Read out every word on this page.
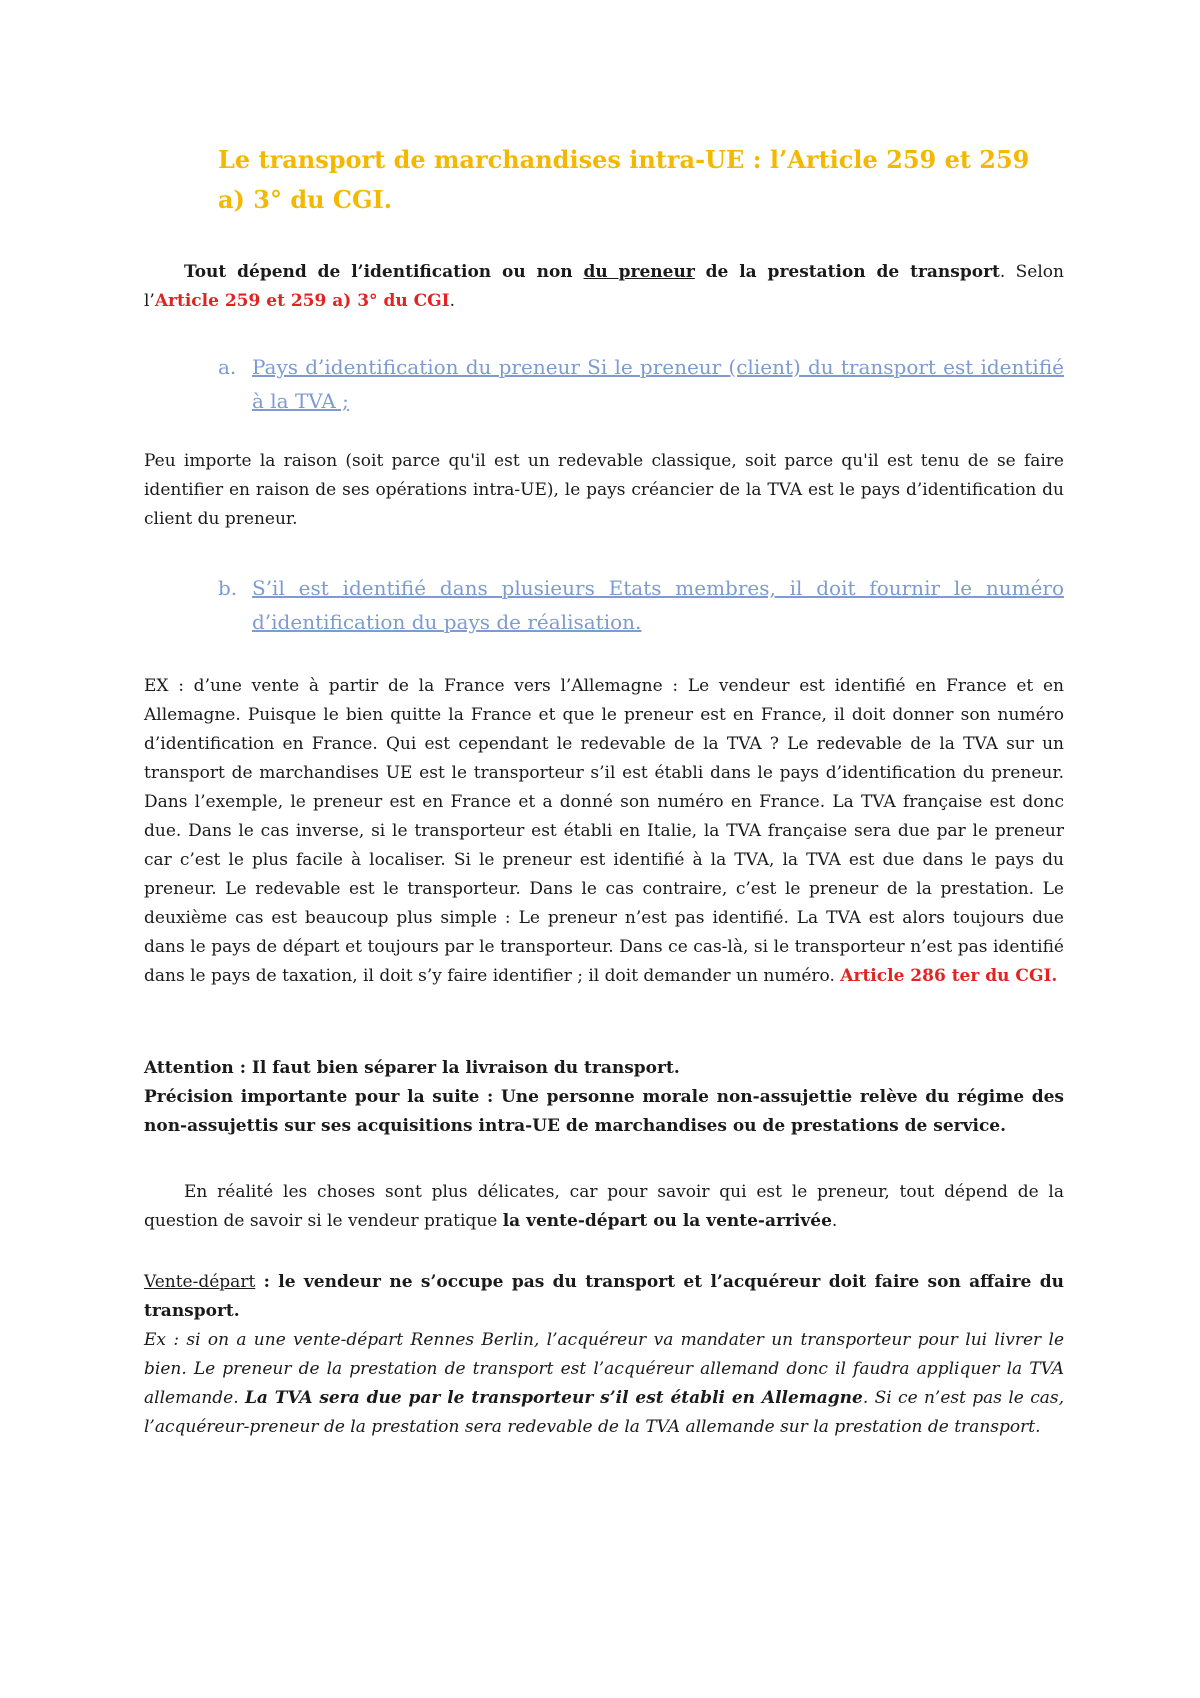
Le transport de marchandises intra-UE : l’Article 259 et 259 a) 3° du CGI.

Tout dépend de l’identification ou non du preneur de la prestation de transport. Selon l’Article 259 et 259 a) 3° du CGI.

a. Pays d’identification du preneur Si le preneur (client) du transport est identifié à la TVA ;

Peu importe la raison (soit parce qu'il est un redevable classique, soit parce qu'il est tenu de se faire identifier en raison de ses opérations intra-UE), le pays créancier de la TVA est le pays d’identification du client du preneur.

b. S’il est identifié dans plusieurs Etats membres, il doit fournir le numéro d’identification du pays de réalisation.

EX : d’une vente à partir de la France vers l’Allemagne : Le vendeur est identifié en France et en Allemagne. Puisque le bien quitte la France et que le preneur est en France, il doit donner son numéro d’identification en France. Qui est cependant le redevable de la TVA ? Le redevable de la TVA sur un transport de marchandises UE est le transporteur s’il est établi dans le pays d’identification du preneur. Dans l’exemple, le preneur est en France et a donné son numéro en France. La TVA française est donc due. Dans le cas inverse, si le transporteur est établi en Italie, la TVA française sera due par le preneur car c’est le plus facile à localiser. Si le preneur est identifié à la TVA, la TVA est due dans le pays du preneur. Le redevable est le transporteur. Dans le cas contraire, c’est le preneur de la prestation. Le deuxième cas est beaucoup plus simple : Le preneur n’est pas identifié. La TVA est alors toujours due dans le pays de départ et toujours par le transporteur. Dans ce cas-là, si le transporteur n’est pas identifié dans le pays de taxation, il doit s’y faire identifier ; il doit demander un numéro. Article 286 ter du CGI.

Attention : Il faut bien séparer la livraison du transport.

Précision importante pour la suite : Une personne morale non-assujettie relève du régime des non-assujettis sur ses acquisitions intra-UE de marchandises ou de prestations de service.

En réalité les choses sont plus délicates, car pour savoir qui est le preneur, tout dépend de la question de savoir si le vendeur pratique la vente-départ ou la vente-arrivée.

Vente-départ : le vendeur ne s’occupe pas du transport et l’acquéreur doit faire son affaire du transport.

Ex : si on a une vente-départ Rennes Berlin, l’acquéreur va mandater un transporteur pour lui livrer le bien. Le preneur de la prestation de transport est l’acquéreur allemand donc il faudra appliquer la TVA allemande. La TVA sera due par le transporteur s’il est établi en Allemagne. Si ce n’est pas le cas, l’acquéreur-preneur de la prestation sera redevable de la TVA allemande sur la prestation de transport.
